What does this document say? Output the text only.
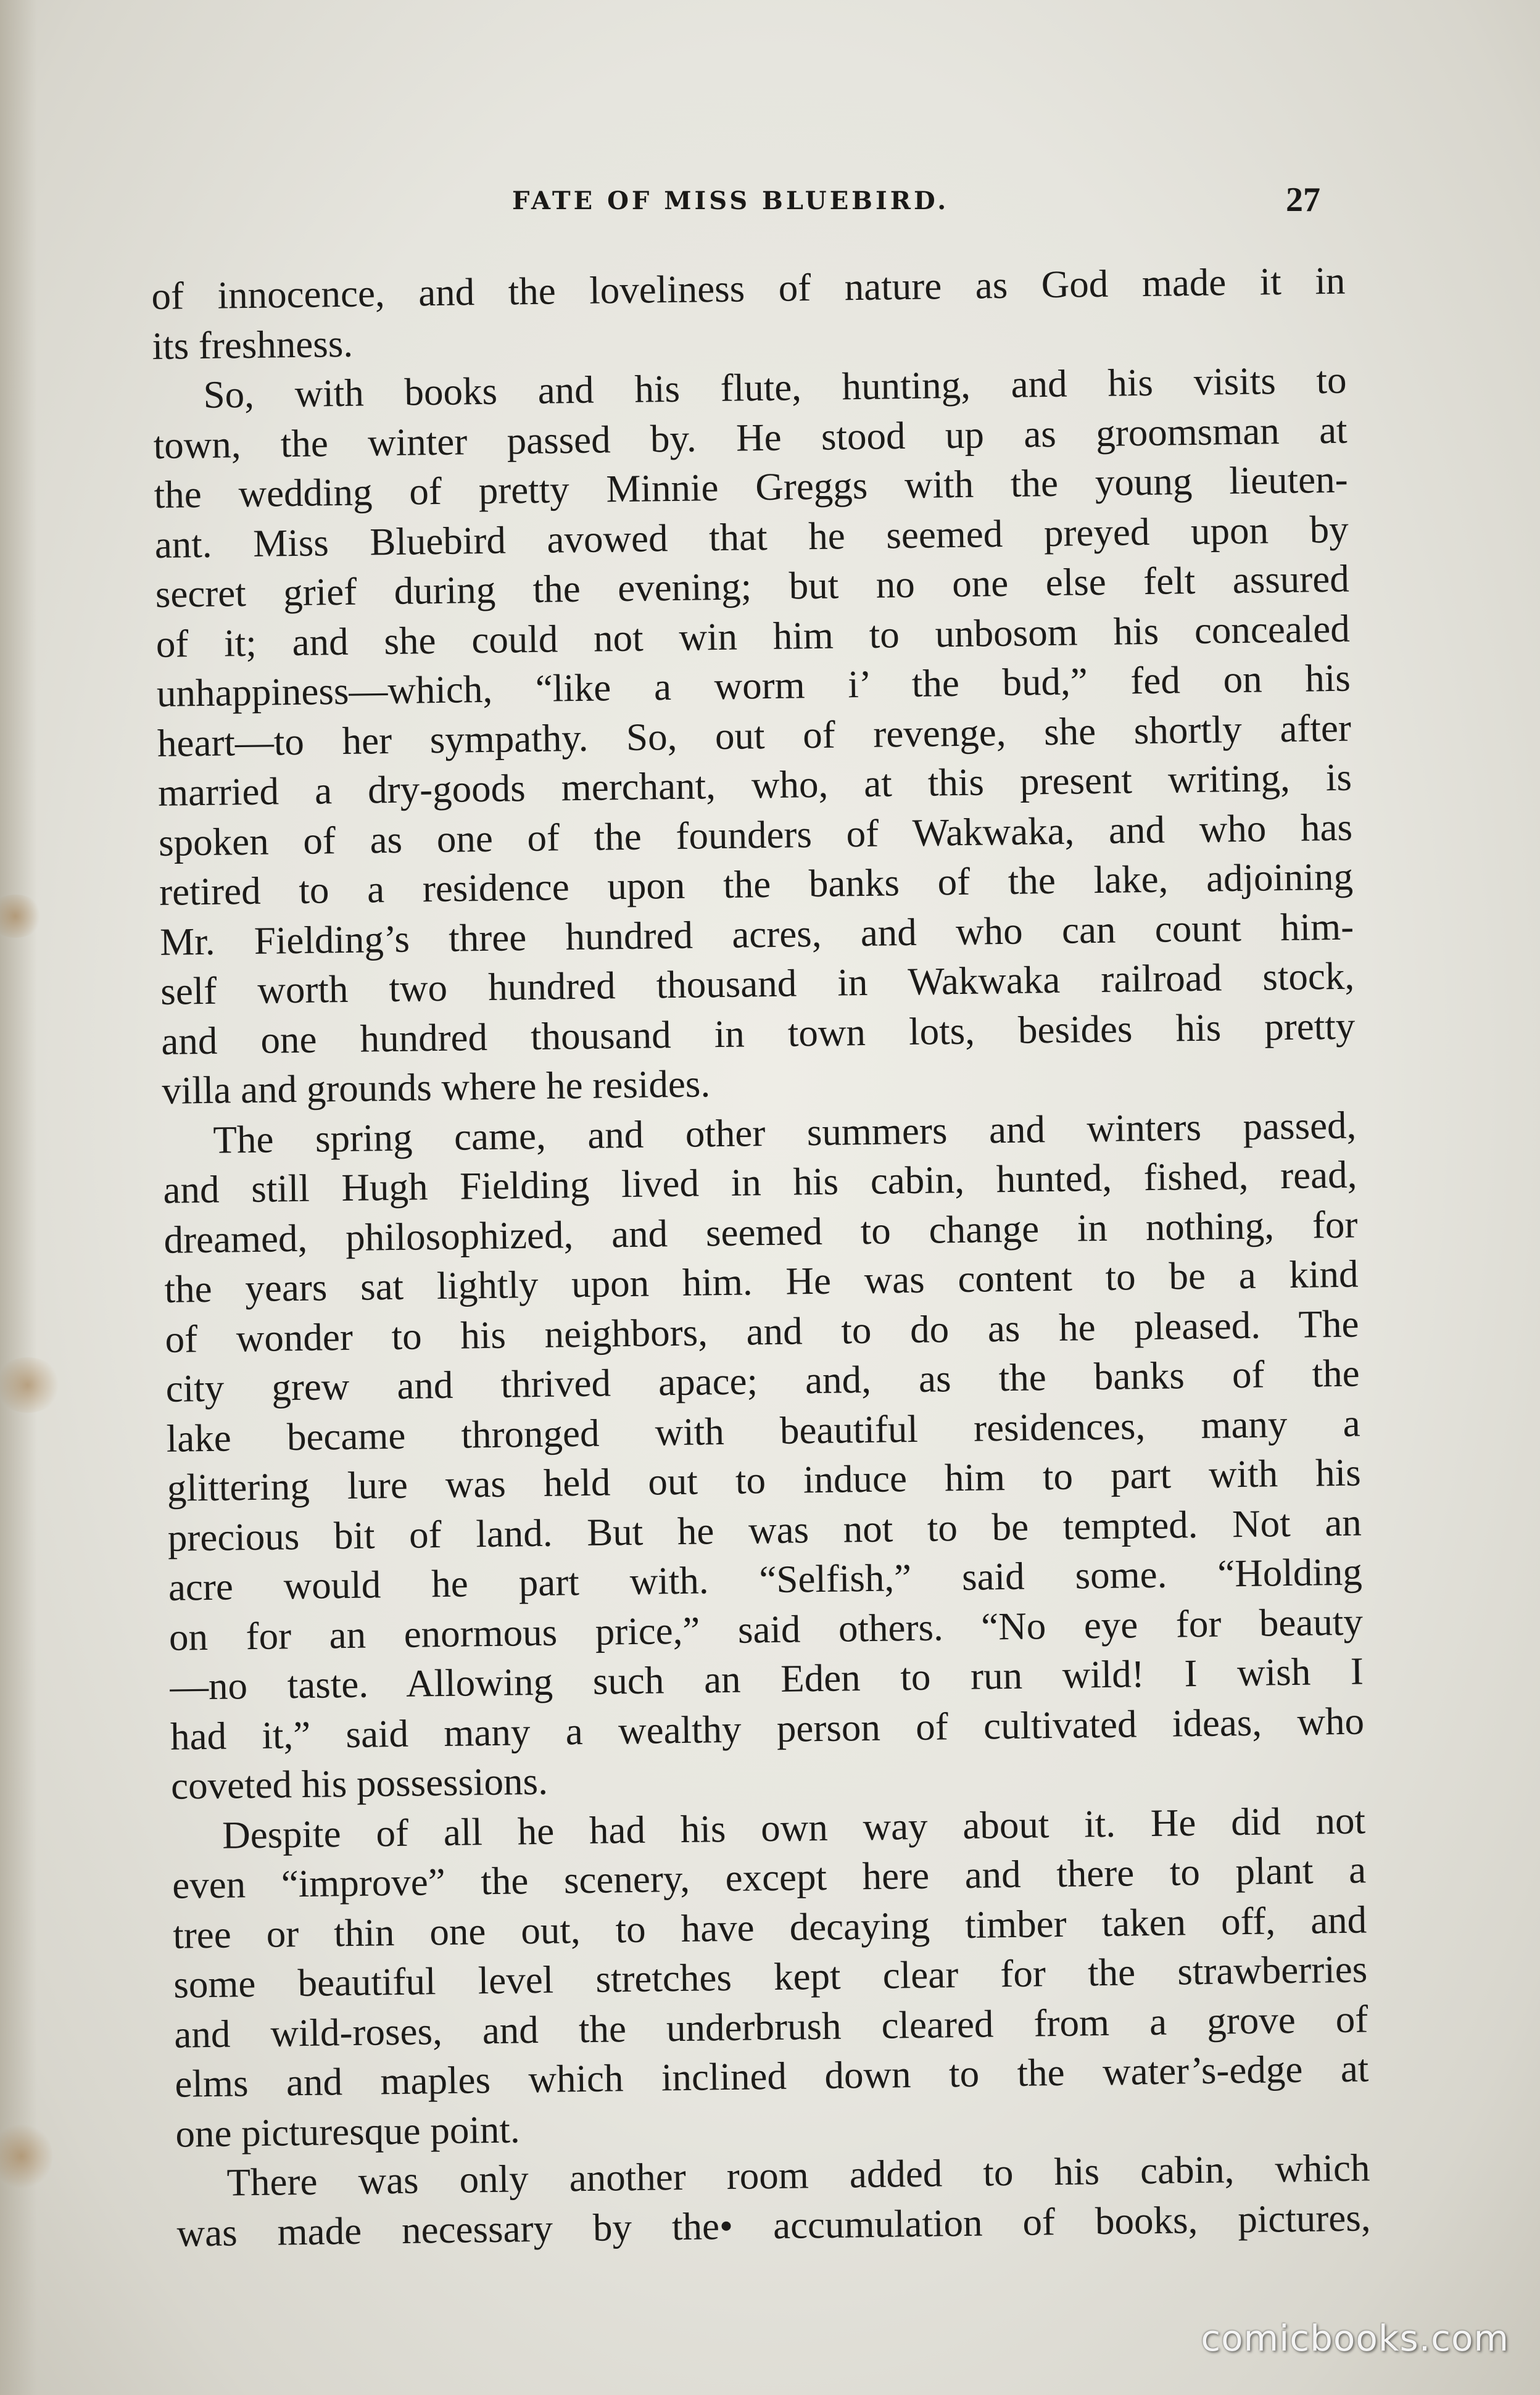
FATE OF MISS BLUEBIRD.	27
of innocence, and the loveliness of nature as God made it in
its freshness.
So, with books and his flute, hunting, and his visits to
town, the winter passed by. He stood up as groomsman at
the wedding of pretty Minnie Greggs with the young lieuten-
ant. Miss Bluebird avowed that he seemed preyed upon by
secret grief during the evening; but no one else felt assured
of it; and she could not win him to unbosom his concealed
unhappiness—which, “like a worm i’ the bud,” fed on his
heart—to her sympathy. So, out of revenge, she shortly after
married a dry-goods merchant, who, at this present writing, is
spoken of as one of the founders of Wakwaka, and who has
retired to a residence upon the banks of the lake, adjoining
Mr. Fielding’s three hundred acres, and who can count him-
self worth two hundred thousand in Wakwaka railroad stock,
and one hundred thousand in town lots, besides his pretty
villa and grounds where he resides.
The spring came, and other summers and winters passed,
and still Hugh Fielding lived in his cabin, hunted, fished, read,
dreamed, philosophized, and seemed to change in nothing, for
the years sat lightly upon him. He was content to be a kind
of wonder to his neighbors, and to do as he pleased. The
city grew and thrived apace; and, as the banks of the
lake became thronged with beautiful residences, many a
glittering lure was held out to induce him to part with his
precious bit of land. But he was not to be tempted. Not an
acre would he part with. “Selfish,” said some. “Holding
on for an enormous price,” said others. “No eye for beauty
—no taste. Allowing such an Eden to run wild! I wish I
had it,” said many a wealthy person of cultivated ideas, who
coveted his possessions.
Despite of all he had his own way about it. He did not
even “improve” the scenery, except here and there to plant a
tree or thin one out, to have decaying timber taken off, and
some beautiful level stretches kept clear for the strawberries
and wild-roses, and the underbrush cleared from a grove of
elms and maples which inclined down to the water’s-edge at
one picturesque point.
There was only another room added to his cabin, which
was made necessary by the• accumulation of books, pictures,
comicbooks.com
